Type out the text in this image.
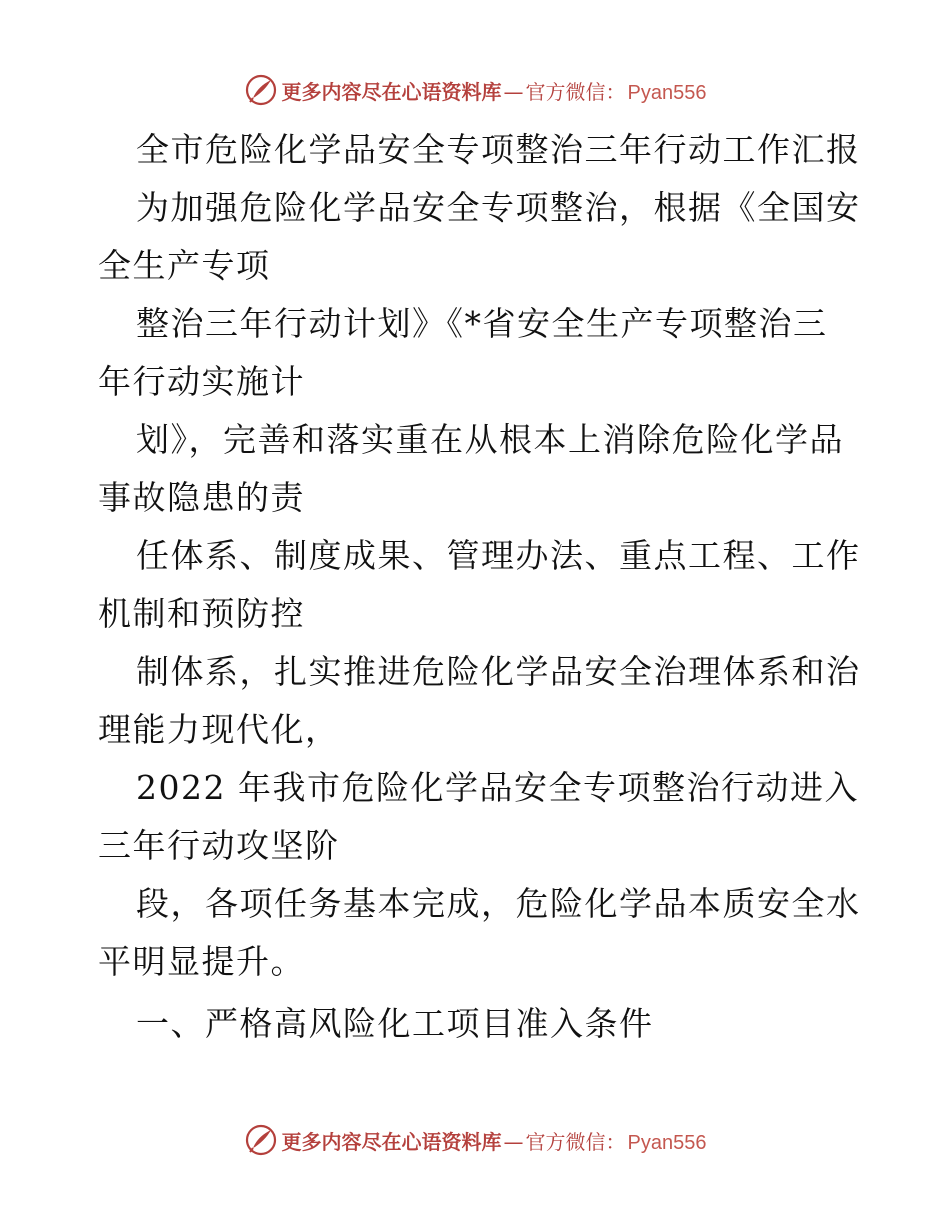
更多内容尽在心语资料库 — 官方微信： Pyan556
全市危险化学品安全专项整治三年行动工作汇报
为加强危险化学品安全专项整治，根据《全国安
全生产专项
整治三年行动计划》《*省安全生产专项整治三
年行动实施计
划》，完善和落实重在从根本上消除危险化学品
事故隐患的责
任体系、制度成果、管理办法、重点工程、工作
机制和预防控
制体系，扎实推进危险化学品安全治理体系和治
理能力现代化，
2022 年我市危险化学品安全专项整治行动进入
三年行动攻坚阶
段，各项任务基本完成，危险化学品本质安全水
平明显提升。
一、严格高风险化工项目准入条件
更多内容尽在心语资料库 — 官方微信： Pyan556
